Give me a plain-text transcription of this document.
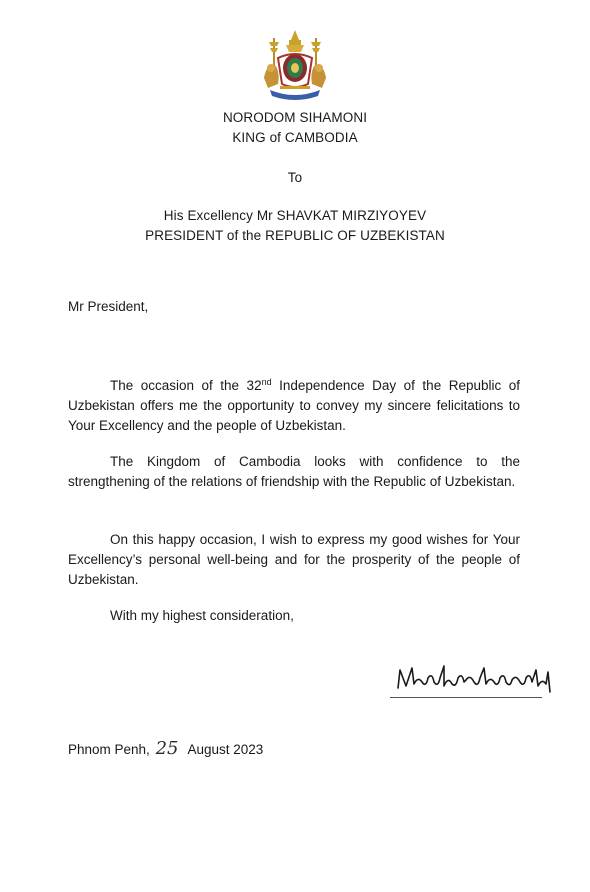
NORODOM SIHAMONI
KING of CAMBODIA
To
His Excellency Mr SHAVKAT MIRZIYOYEV
PRESIDENT of the REPUBLIC OF UZBEKISTAN
Mr President,
The occasion of the 32nd Independence Day of the Republic of Uzbekistan offers me the opportunity to convey my sincere felicitations to Your Excellency and the people of Uzbekistan.
The Kingdom of Cambodia looks with confidence to the strengthening of the relations of friendship with the Republic of Uzbekistan.
On this happy occasion, I wish to express my good wishes for Your Excellency’s personal well-being and for the prosperity of the people of Uzbekistan.
With my highest consideration,
Phnom Penh, 25 August 2023
